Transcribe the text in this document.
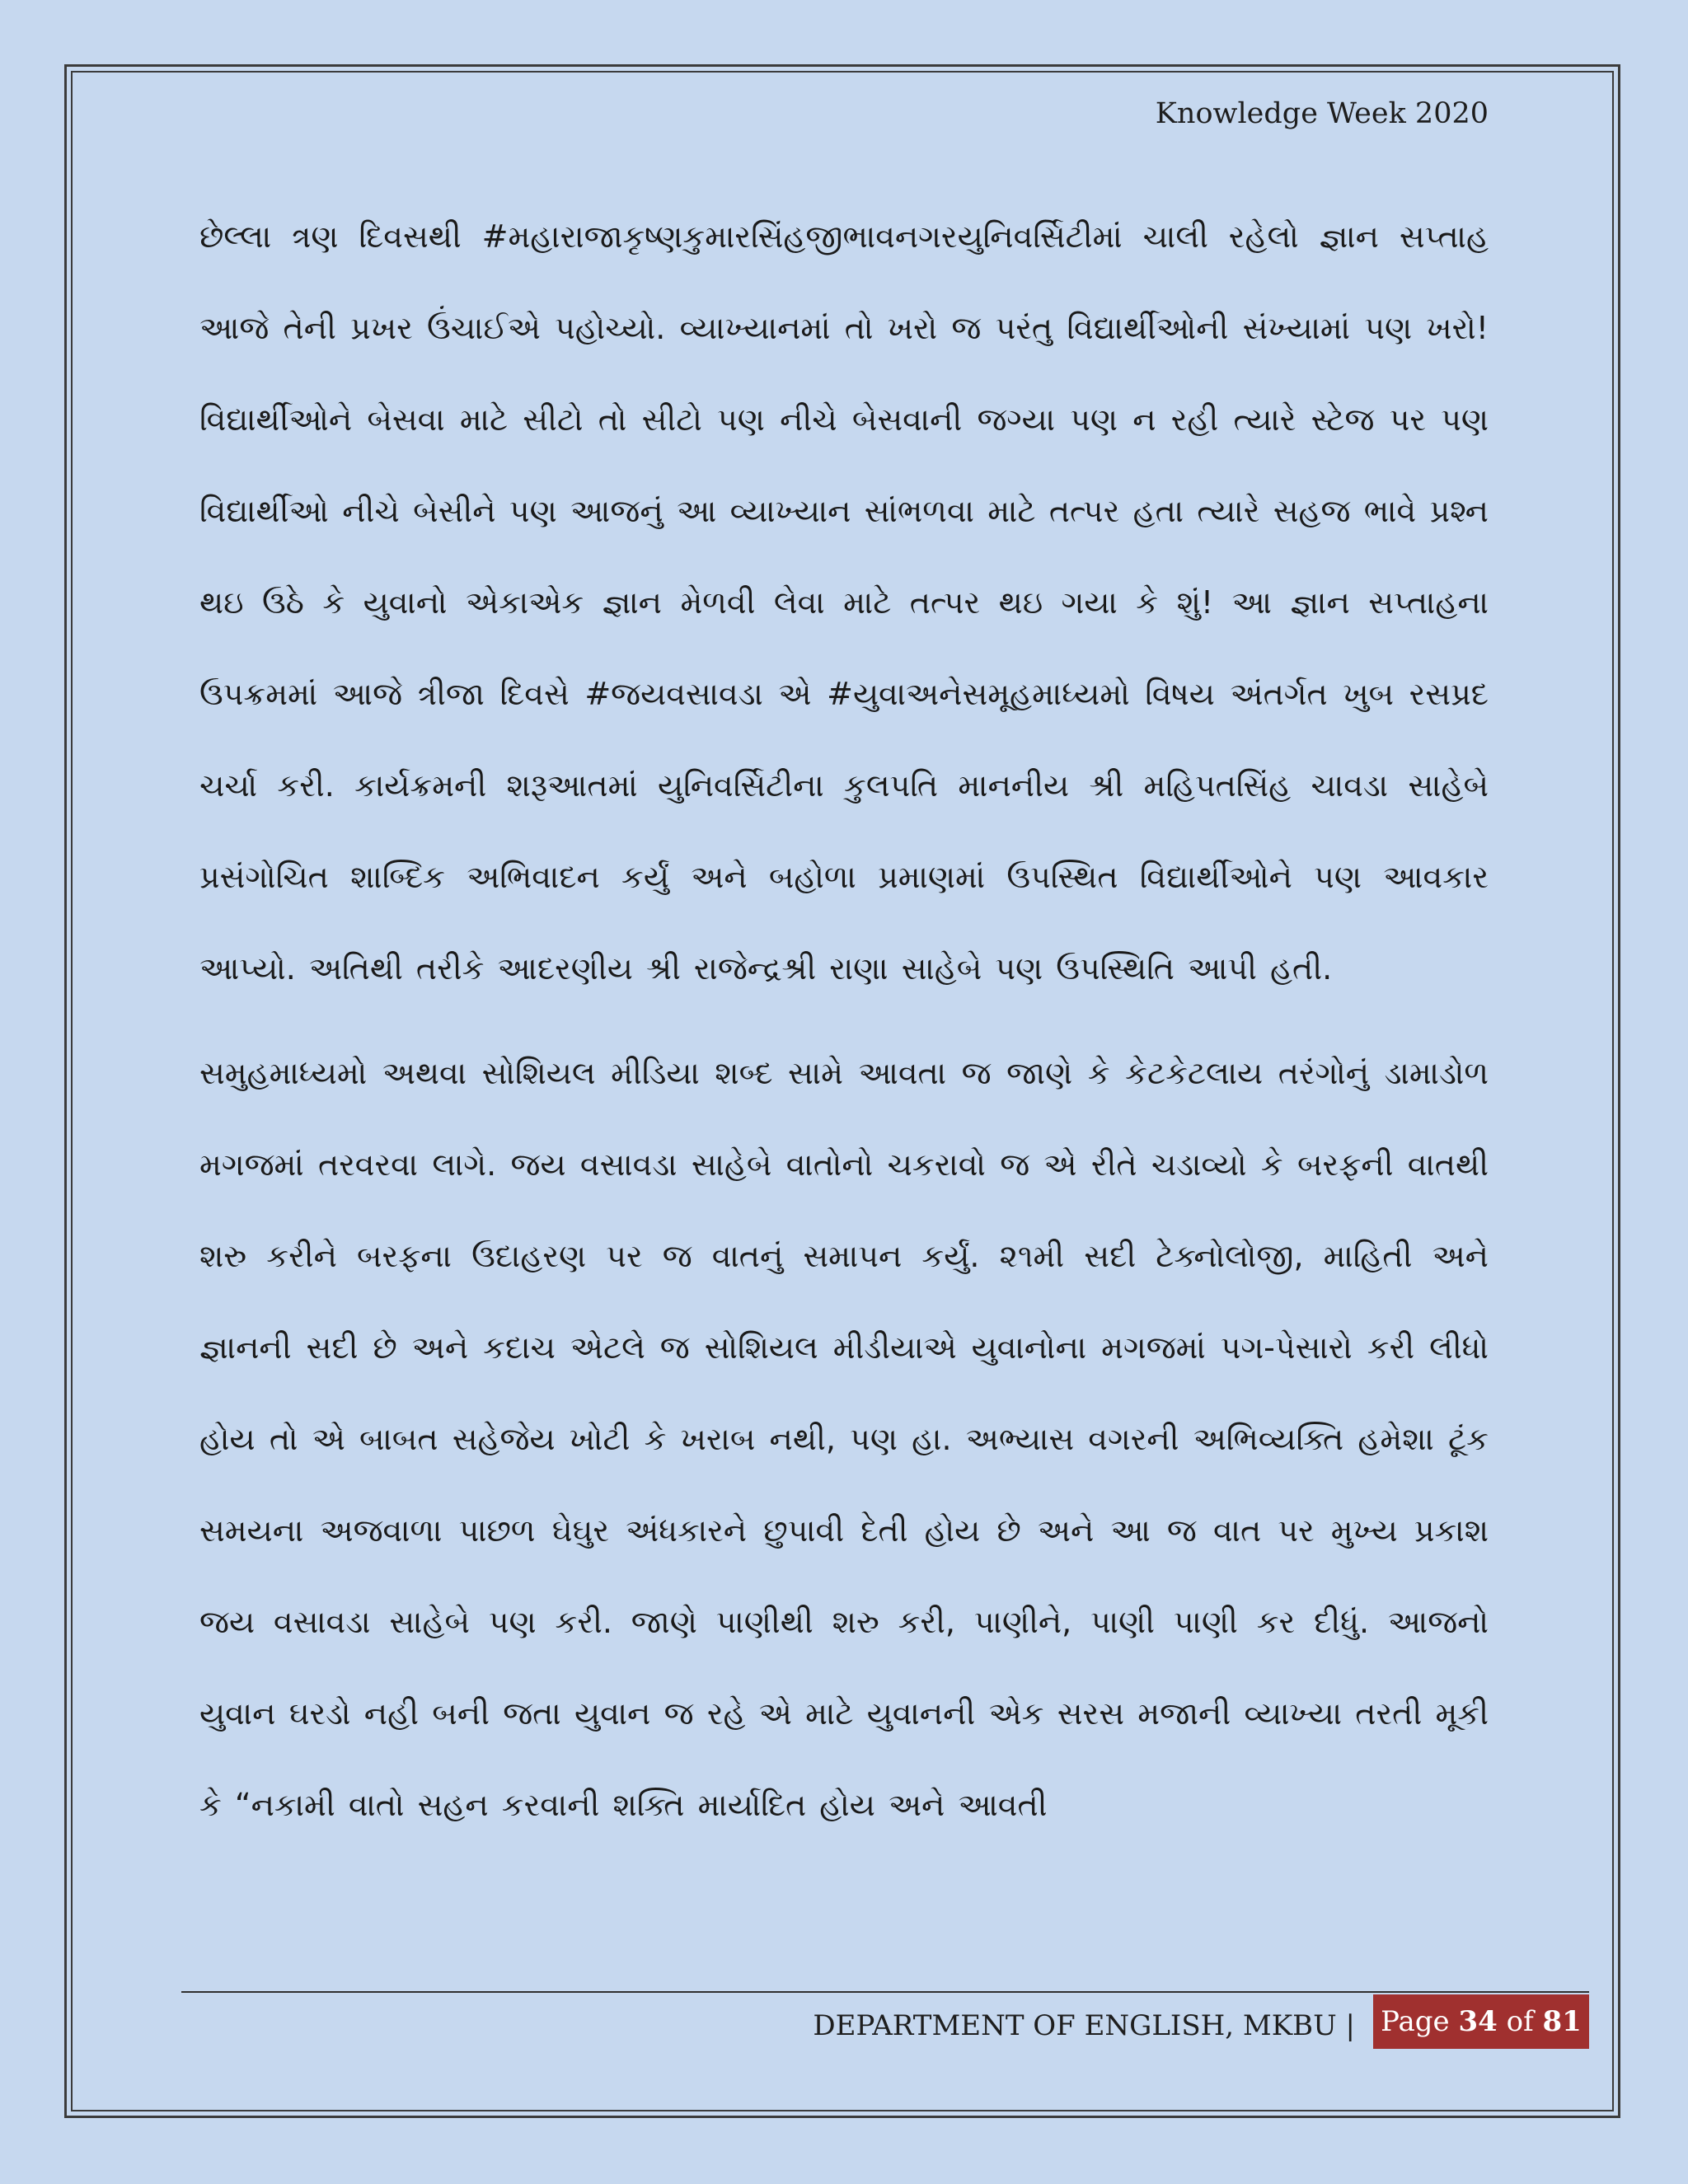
Knowledge Week 2020

છેલ્લા ત્રણ દિવસથી #મહારાજાકૃષ્ણકુમારસિંહજીભાવનગરયુનિવર્સિટીમાં ચાલી રહેલો જ્ઞાન સપ્તાહ આજે તેની પ્રખર ઉંચાઈએ પહોચ્યો. વ્યાખ્યાનમાં તો ખરો જ પરંતુ વિદ્યાર્થીઓની સંખ્યામાં પણ ખરો! વિદ્યાર્થીઓને બેસવા માટે સીટો તો સીટો પણ નીચે બેસવાની જગ્યા પણ ન રહી ત્યારે સ્ટેજ પર પણ વિદ્યાર્થીઓ નીચે બેસીને પણ આજનું આ વ્યાખ્યાન સાંભળવા માટે તત્પર હતા ત્યારે સહજ ભાવે પ્રશ્ન થઇ ઉઠે કે યુવાનો એકાએક જ્ઞાન મેળવી લેવા માટે તત્પર થઇ ગયા કે શું! આ જ્ઞાન સપ્તાહના ઉપક્રમમાં આજે ત્રીજા દિવસે #જયવસાવડા એ #યુવાઅનેસમૂહમાધ્યમો વિષય અંતર્ગત ખુબ રસપ્રદ ચર્ચા કરી. કાર્યક્રમની શરૂઆતમાં યુનિવર્સિટીના કુલપતિ માનનીય શ્રી મહિપતસિંહ ચાવડા સાહેબે પ્રસંગોચિત શાબ્દિક અભિવાદન કર્યું અને બહોળા પ્રમાણમાં ઉપસ્થિત વિદ્યાર્થીઓને પણ આવકાર આપ્યો. અતિથી તરીકે આદરણીય શ્રી રાજેન્દ્રશ્રી રાણા સાહેબે પણ ઉપસ્થિતિ આપી હતી.

સમુહમાધ્યમો અથવા સોશિયલ મીડિયા શબ્દ સામે આવતા જ જાણે કે કેટકેટલાય તરંગોનું ડામાડોળ મગજમાં તરવરવા લાગે. જય વસાવડા સાહેબે વાતોનો ચકરાવો જ એ રીતે ચડાવ્યો કે બરફની વાતથી શરુ કરીને બરફના ઉદાહરણ પર જ વાતનું સમાપન કર્યું. ૨૧મી સદી ટેક્નોલોજી, માહિતી અને જ્ઞાનની સદી છે અને કદાચ એટલે જ સોશિયલ મીડીયાએ યુવાનોના મગજમાં પગ-પેસારો કરી લીધો હોય તો એ બાબત સહેજેય ખોટી કે ખરાબ નથી, પણ હા. અભ્યાસ વગરની અભિવ્યક્તિ હમેશા ટૂંક સમયના અજવાળા પાછળ ઘેઘુર અંધકારને છુપાવી દેતી હોય છે અને આ જ વાત પર મુખ્ય પ્રકાશ જય વસાવડા સાહેબે પણ કરી. જાણે પાણીથી શરુ કરી, પાણીને, પાણી પાણી કર દીધું. આજનો યુવાન ઘરડો નહી બની જતા યુવાન જ રહે એ માટે યુવાનની એક સરસ મજાની વ્યાખ્યા તરતી મૂકી કે “નકામી વાતો સહન કરવાની શક્તિ માર્યાદિત હોય અને આવતી

DEPARTMENT OF ENGLISH, MKBU | Page 34 of 81
